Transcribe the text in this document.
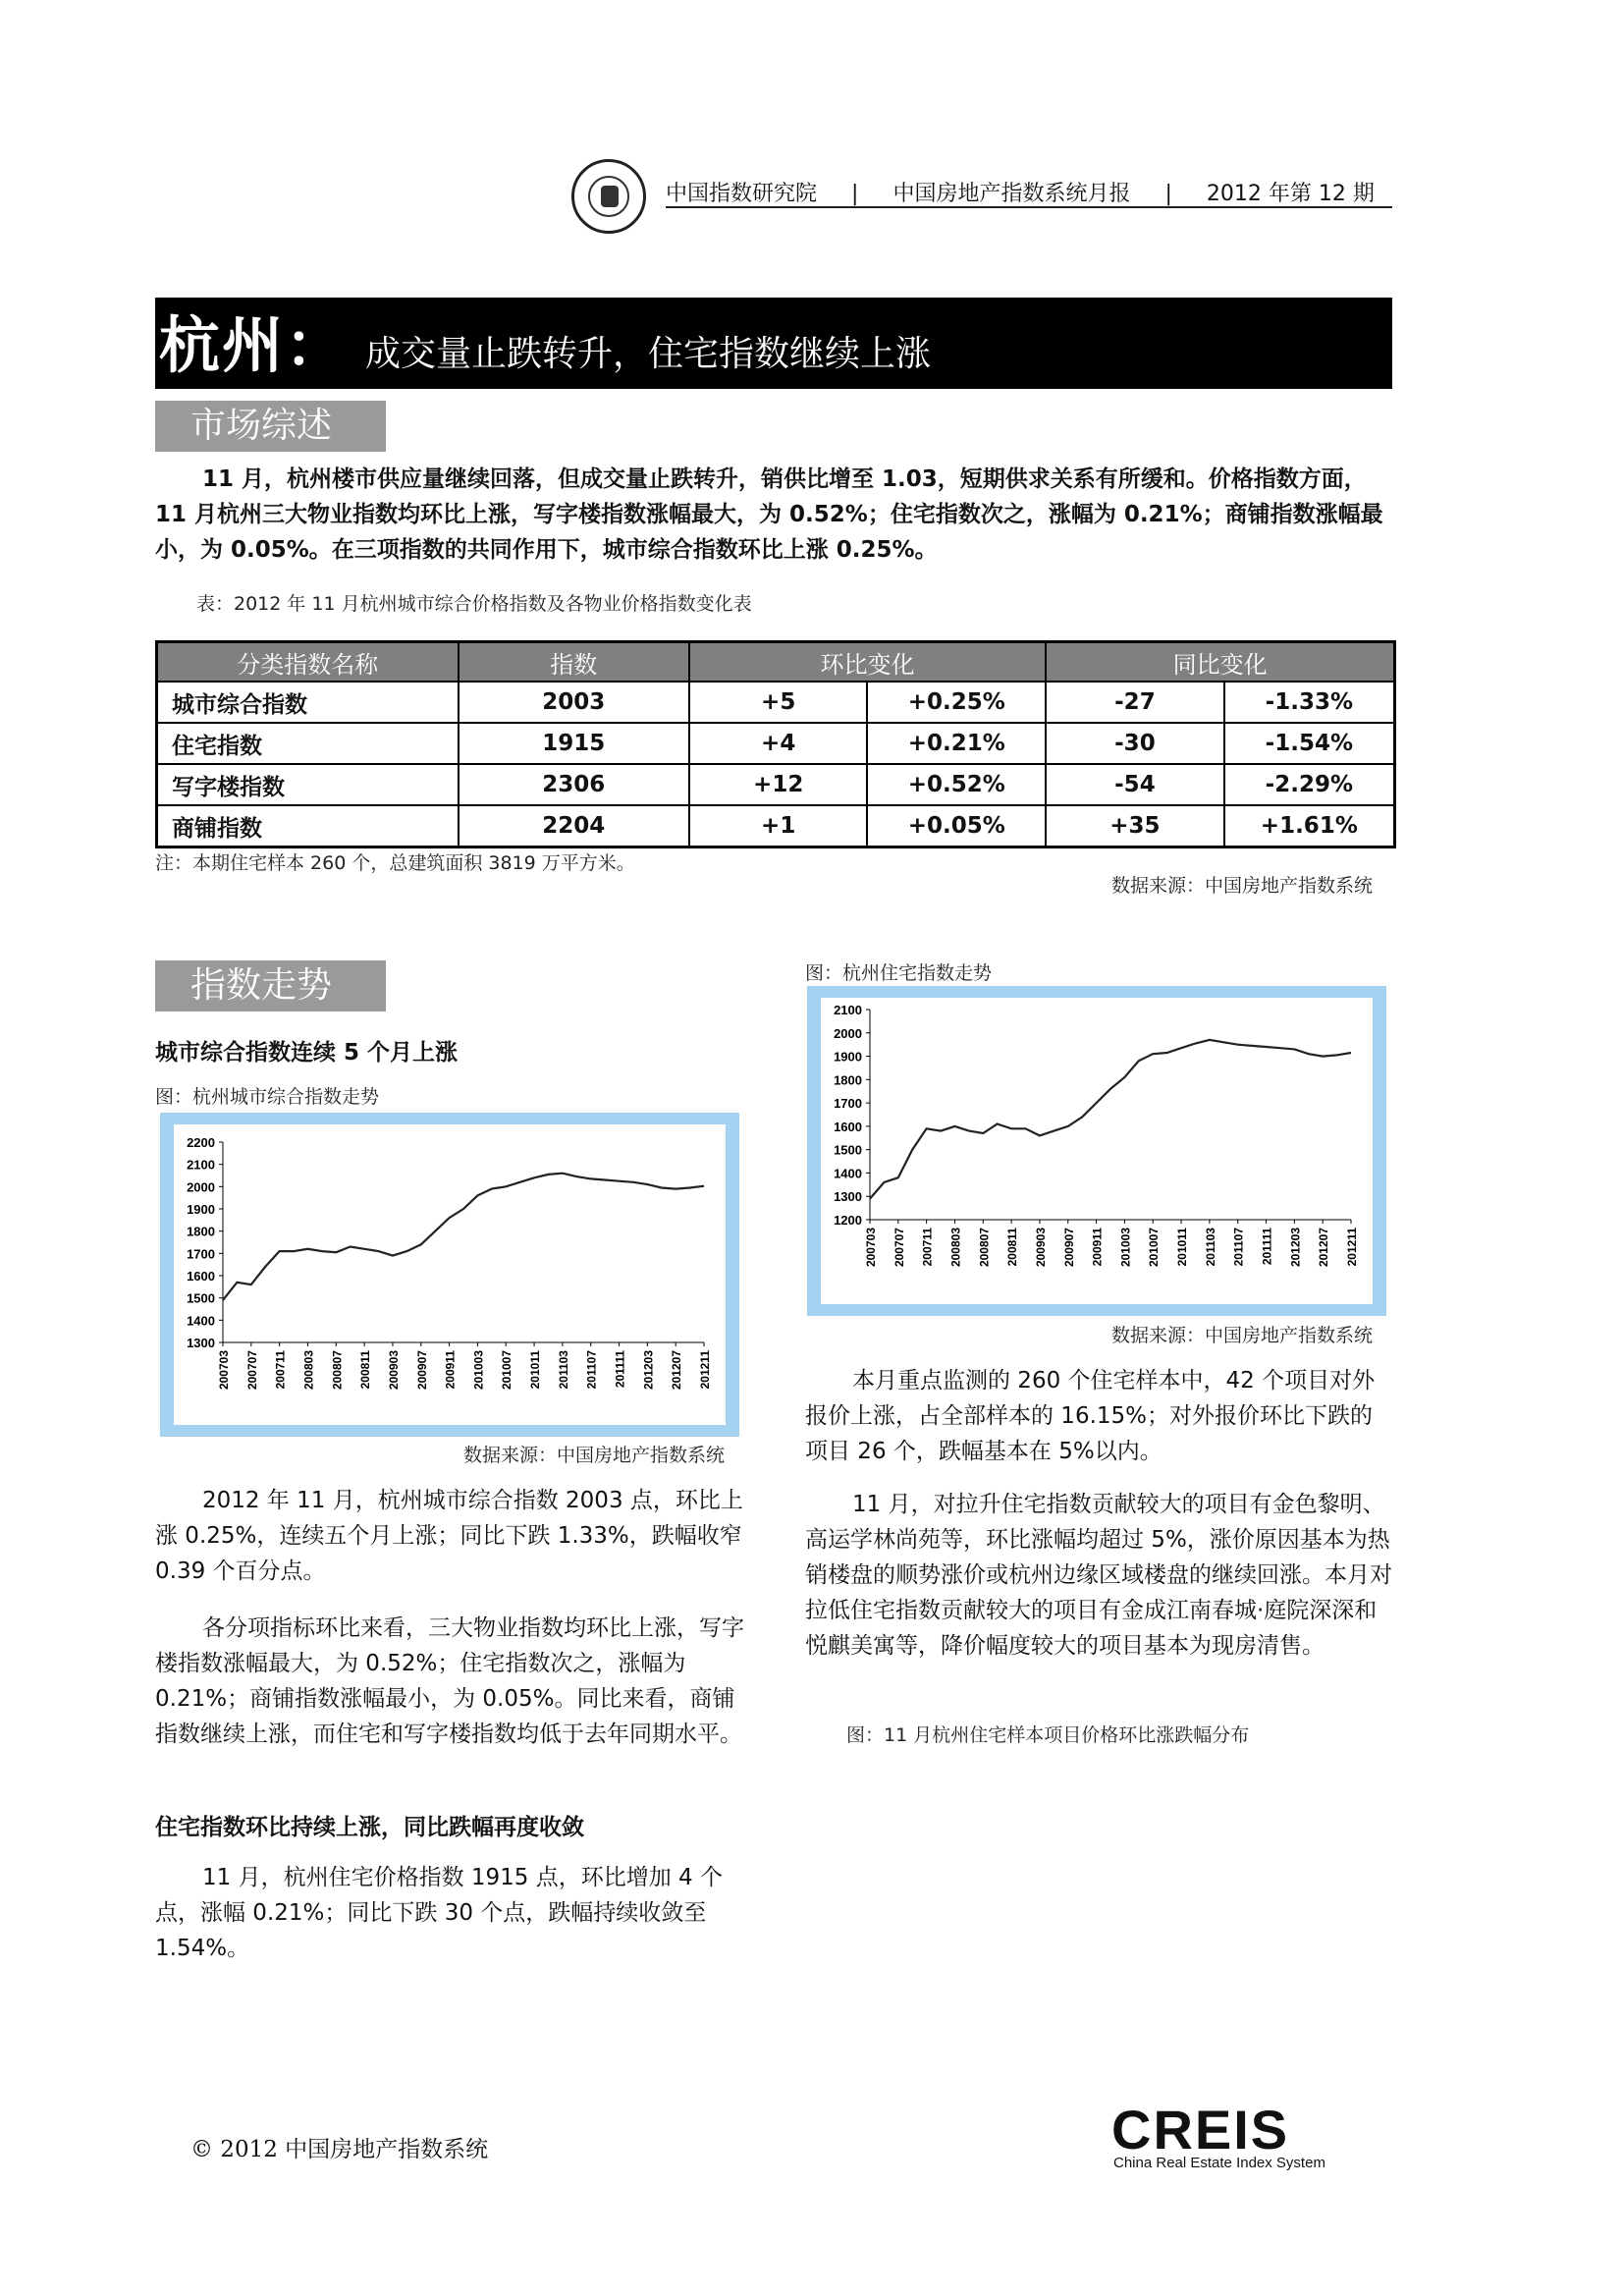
中国指数研究院 | 中国房地产指数系统月报 | 2012 年第 12 期
杭州： 成交量止跌转升，住宅指数继续上涨
市场综述
11 月，杭州楼市供应量继续回落，但成交量止跌转升，销供比增至 1.03，短期供求关系有所缓和。价格指数方面，11 月杭州三大物业指数均环比上涨，写字楼指数涨幅最大，为 0.52%；住宅指数次之，涨幅为 0.21%；商铺指数涨幅最小，为 0.05%。在三项指数的共同作用下，城市综合指数环比上涨 0.25%。
表：2012 年 11 月杭州城市综合价格指数及各物业价格指数变化表
分类指数名称	指数	环比变化		同比变化	
城市综合指数	2003	+5	+0.25%	-27	-1.33%
住宅指数	1915	+4	+0.21%	-30	-1.54%
写字楼指数	2306	+12	+0.52%	-54	-2.29%
商铺指数	2204	+1	+0.05%	+35	+1.61%
注：本期住宅样本 260 个，总建筑面积 3819 万平方米。
数据来源：中国房地产指数系统
指数走势
城市综合指数连续 5 个月上涨
图：杭州城市综合指数走势
2200
2100
2000
1900
1800
1700
1600
1500
1400
1300
200703 200707 200711 200803 200807 200811 200903 200907 200911 201003 201007 201011 201103 201107 201111 201203 201207 201211
数据来源：中国房地产指数系统
2012 年 11 月，杭州城市综合指数 2003 点，环比上涨 0.25%，连续五个月上涨；同比下跌 1.33%，跌幅收窄 0.39 个百分点。
各分项指标环比来看，三大物业指数均环比上涨，写字楼指数涨幅最大，为 0.52%；住宅指数次之，涨幅为 0.21%；商铺指数涨幅最小，为 0.05%。同比来看，商铺指数继续上涨，而住宅和写字楼指数均低于去年同期水平。
住宅指数环比持续上涨，同比跌幅再度收敛
11 月，杭州住宅价格指数 1915 点，环比增加 4 个点，涨幅 0.21%；同比下跌 30 个点，跌幅持续收敛至 1.54%。
图：杭州住宅指数走势
2100
2000
1900
1800
1700
1600
1500
1400
1300
1200
200703 200707 200711 200803 200807 200811 200903 200907 200911 201003 201007 201011 201103 201107 201111 201203 201207 201211
数据来源：中国房地产指数系统
本月重点监测的 260 个住宅样本中，42 个项目对外报价上涨，占全部样本的 16.15%；对外报价环比下跌的项目 26 个，跌幅基本在 5%以内。
11 月，对拉升住宅指数贡献较大的项目有金色黎明、高运学林尚苑等，环比涨幅均超过 5%，涨价原因基本为热销楼盘的顺势涨价或杭州边缘区域楼盘的继续回涨。本月对拉低住宅指数贡献较大的项目有金成江南春城·庭院深深和悦麒美寓等，降价幅度较大的项目基本为现房清售。
图：11 月杭州住宅样本项目价格环比涨跌幅分布
© 2012 中国房地产指数系统	CREIS
China Real Estate Index System
